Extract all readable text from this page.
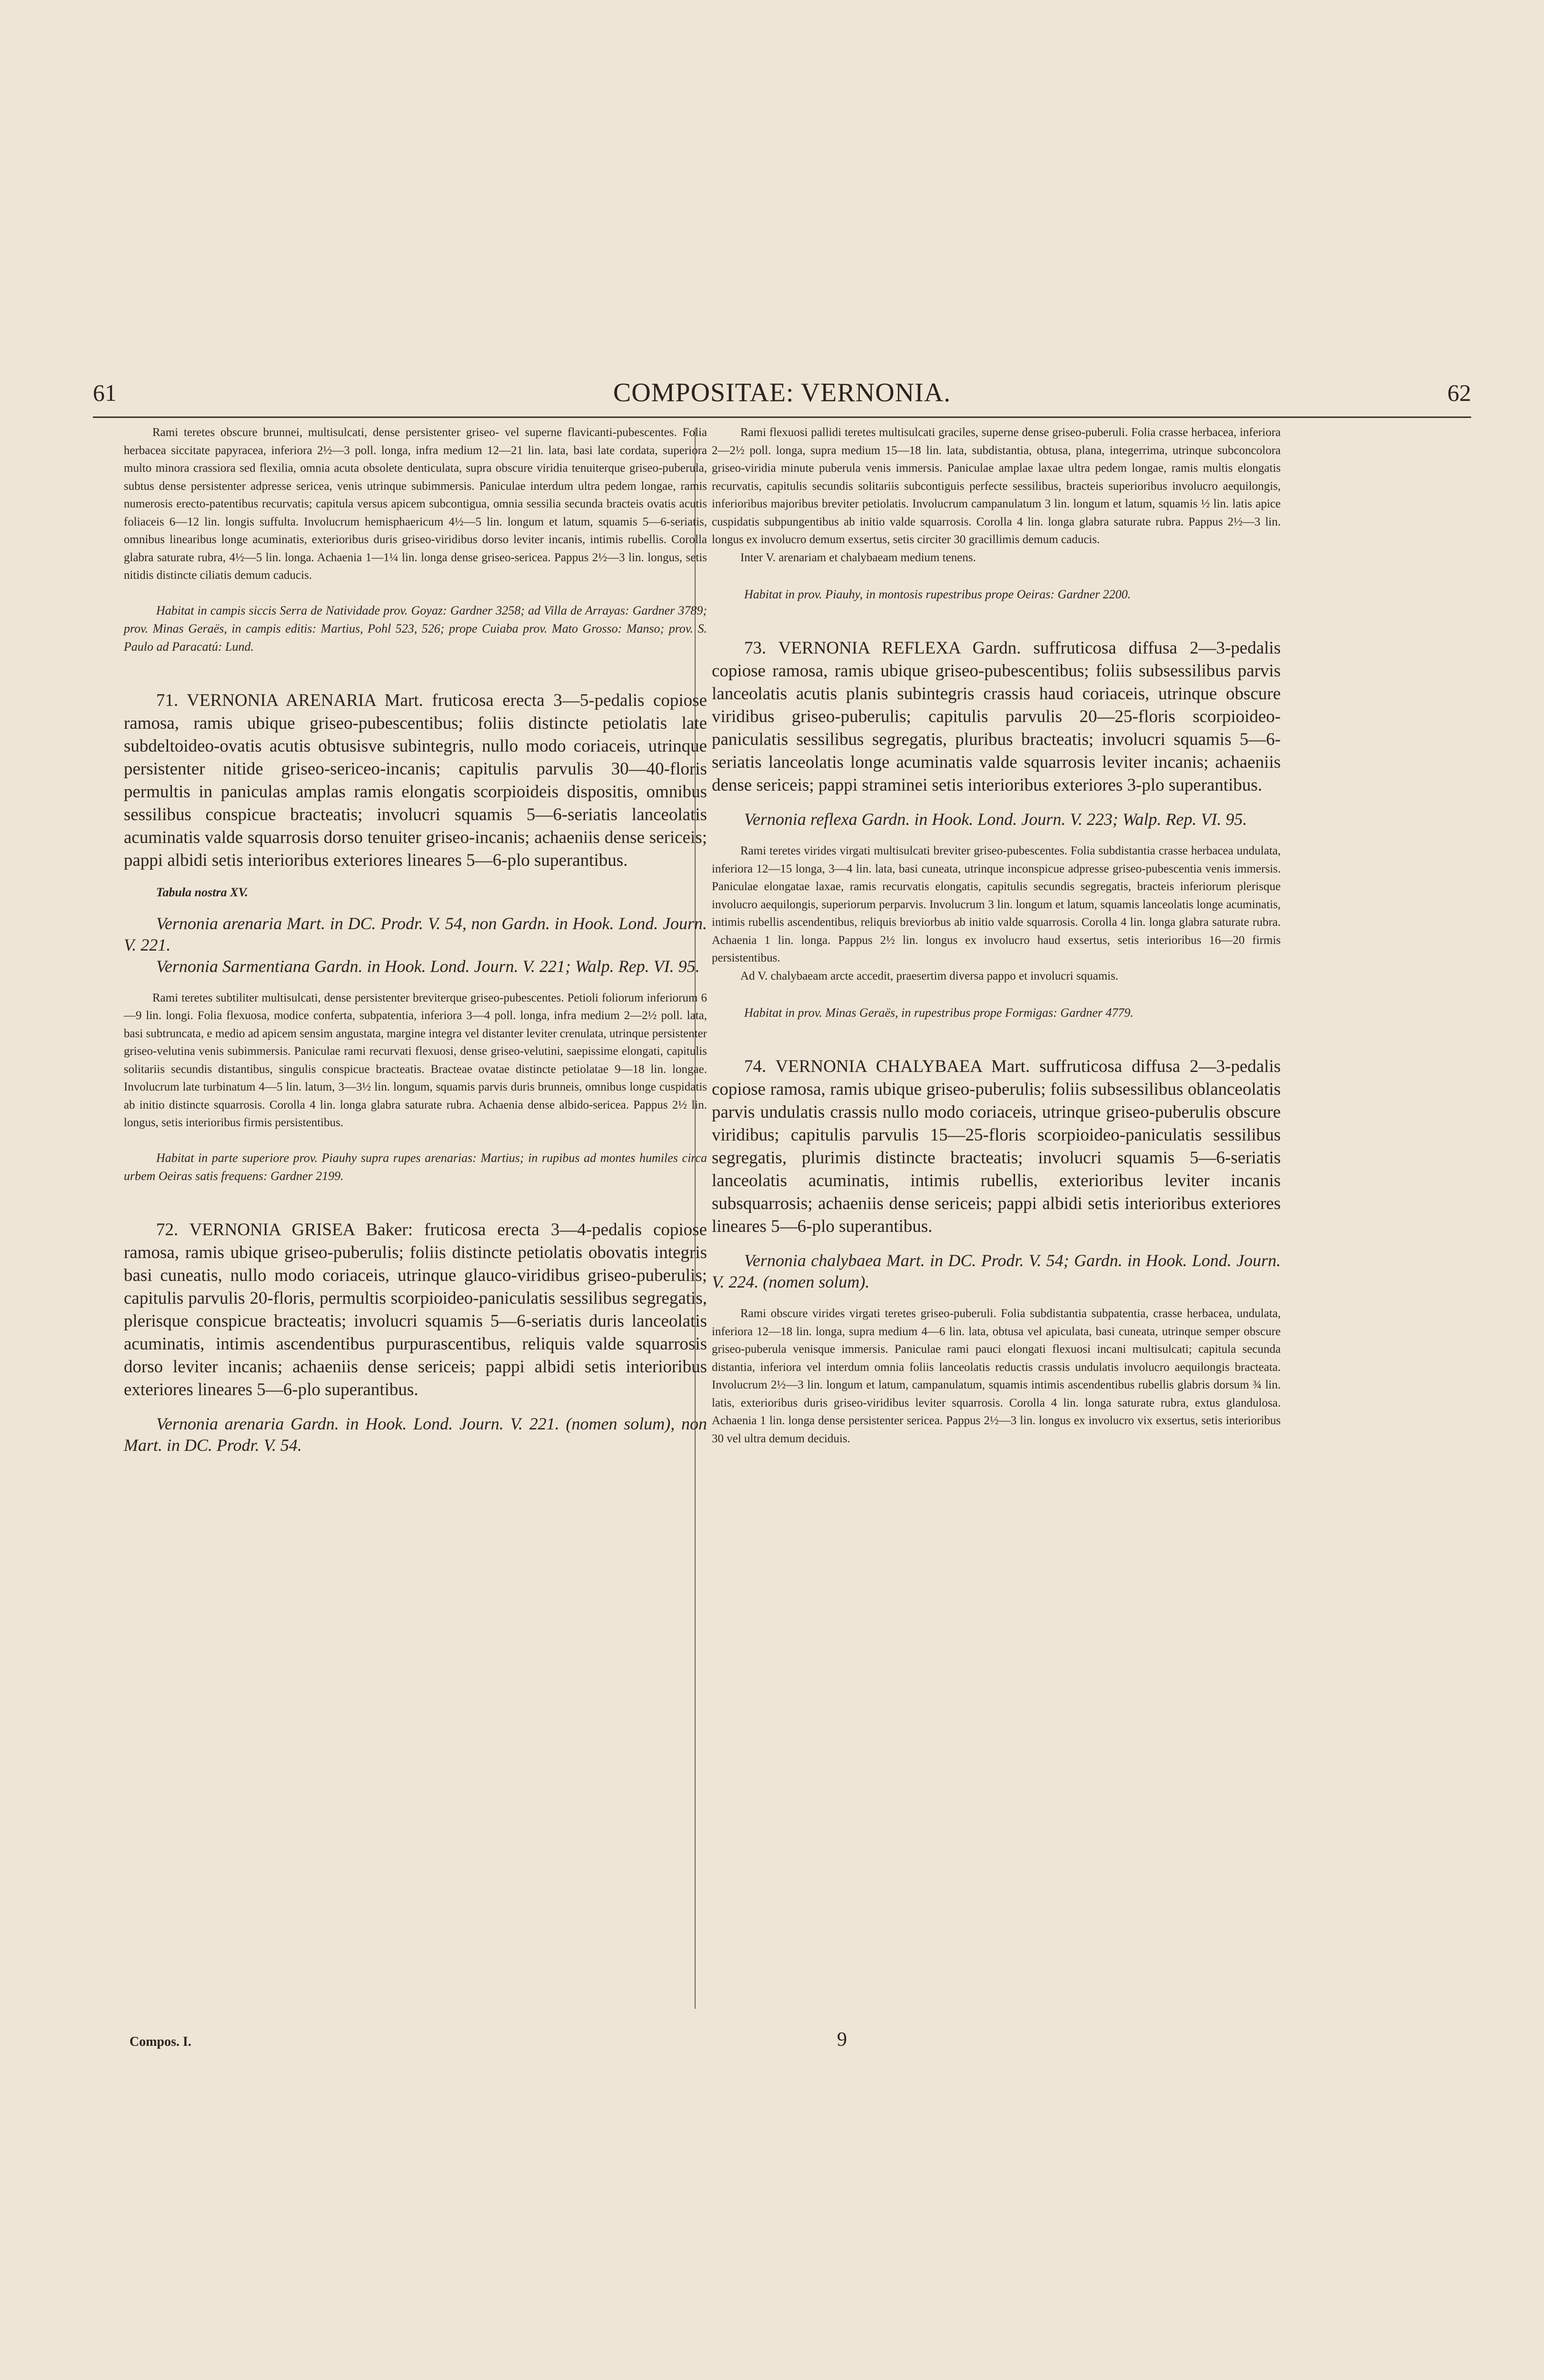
61	COMPOSITAE: VERNONIA.	62

Rami teretes obscure brunnei, multisulcati, dense persistenter griseo- vel superne flavicanti-pubescentes. Folia herbacea siccitate papyracea, inferiora 2½—3 poll. longa, infra medium 12—21 lin. lata, basi late cordata, superiora multo minora crassiora sed flexilia, omnia acuta obsolete denticulata, supra obscure viridia tenuiterque griseo-puberula, subtus dense persistenter adpresse sericea, venis utrinque subimmersis. Paniculae interdum ultra pedem longae, ramis numerosis erecto-patentibus recurvatis; capitula versus apicem subcontigua, omnia sessilia secunda bracteis ovatis acutis foliaceis 6—12 lin. longis suffulta. Involucrum hemisphaericum 4½—5 lin. longum et latum, squamis 5—6-seriatis, omnibus linearibus longe acuminatis, exterioribus duris griseo-viridibus dorso leviter incanis, intimis rubellis. Corolla glabra saturate rubra, 4½—5 lin. longa. Achaenia 1—1¼ lin. longa dense griseo-sericea. Pappus 2½—3 lin. longus, setis nitidis distincte ciliatis demum caducis.

Habitat in campis siccis Serra de Natividade prov. Goyaz: Gardner 3258; ad Villa de Arrayas: Gardner 3789; prov. Minas Geraës, in campis editis: Martius, Pohl 523, 526; prope Cuiaba prov. Mato Grosso: Manso; prov. S. Paulo ad Paracatú: Lund.

71. VERNONIA ARENARIA Mart. fruticosa erecta 3—5-pedalis copiose ramosa, ramis ubique griseo-pubescentibus; foliis distincte petiolatis late subdeltoideo-ovatis acutis obtusisve subintegris, nullo modo coriaceis, utrinque persistenter nitide griseo-sericeo-incanis; capitulis parvulis 30—40-floris permultis in paniculas amplas ramis elongatis scorpioideis dispositis, omnibus sessilibus conspicue bracteatis; involucri squamis 5—6-seriatis lanceolatis acuminatis valde squarrosis dorso tenuiter griseo-incanis; achaeniis dense sericeis; pappi albidi setis interioribus exteriores lineares 5—6-plo superantibus.

Tabula nostra XV.

Vernonia arenaria Mart. in DC. Prodr. V. 54, non Gardn. in Hook. Lond. Journ. V. 221.

Vernonia Sarmentiana Gardn. in Hook. Lond. Journ. V. 221; Walp. Rep. VI. 95.

Rami teretes subtiliter multisulcati, dense persistenter breviterque griseo-pubescentes. Petioli foliorum inferiorum 6—9 lin. longi. Folia flexuosa, modice conferta, subpatentia, inferiora 3—4 poll. longa, infra medium 2—2½ poll. lata, basi subtruncata, e medio ad apicem sensim angustata, margine integra vel distanter leviter crenulata, utrinque persistenter griseo-velutina venis subimmersis. Paniculae rami recurvati flexuosi, dense griseo-velutini, saepissime elongati, capitulis solitariis secundis distantibus, singulis conspicue bracteatis. Bracteae ovatae distincte petiolatae 9—18 lin. longae. Involucrum late turbinatum 4—5 lin. latum, 3—3½ lin. longum, squamis parvis duris brunneis, omnibus longe cuspidatis ab initio distincte squarrosis. Corolla 4 lin. longa glabra saturate rubra. Achaenia dense albido-sericea. Pappus 2½ lin. longus, setis interioribus firmis persistentibus.

Habitat in parte superiore prov. Piauhy supra rupes arenarias: Martius; in rupibus ad montes humiles circa urbem Oeiras satis frequens: Gardner 2199.

72. VERNONIA GRISEA Baker: fruticosa erecta 3—4-pedalis copiose ramosa, ramis ubique griseo-puberulis; foliis distincte petiolatis obovatis integris basi cuneatis, nullo modo coriaceis, utrinque glauco-viridibus griseo-puberulis; capitulis parvulis 20-floris, permultis scorpioideo-paniculatis sessilibus segregatis, plerisque conspicue bracteatis; involucri squamis 5—6-seriatis duris lanceolatis acuminatis, intimis ascendentibus purpurascentibus, reliquis valde squarrosis dorso leviter incanis; achaeniis dense sericeis; pappi albidi setis interioribus exteriores lineares 5—6-plo superantibus.

Vernonia arenaria Gardn. in Hook. Lond. Journ. V. 221. (nomen solum), non Mart. in DC. Prodr. V. 54.

Rami flexuosi pallidi teretes multisulcati graciles, superne dense griseo-puberuli. Folia crasse herbacea, inferiora 2—2½ poll. longa, supra medium 15—18 lin. lata, subdistantia, obtusa, plana, integerrima, utrinque subconcolora griseo-viridia minute puberula venis immersis. Paniculae amplae laxae ultra pedem longae, ramis multis elongatis recurvatis, capitulis secundis solitariis subcontiguis perfecte sessilibus, bracteis superioribus involucro aequilongis, inferioribus majoribus breviter petiolatis. Involucrum campanulatum 3 lin. longum et latum, squamis ½ lin. latis apice cuspidatis subpungentibus ab initio valde squarrosis. Corolla 4 lin. longa glabra saturate rubra. Pappus 2½—3 lin. longus ex involucro demum exsertus, setis circiter 30 gracillimis demum caducis.

Inter V. arenariam et chalybaeam medium tenens.

Habitat in prov. Piauhy, in montosis rupestribus prope Oeiras: Gardner 2200.

73. VERNONIA REFLEXA Gardn. suffruticosa diffusa 2—3-pedalis copiose ramosa, ramis ubique griseo-pubescentibus; foliis subsessilibus parvis lanceolatis acutis planis subintegris crassis haud coriaceis, utrinque obscure viridibus griseo-puberulis; capitulis parvulis 20—25-floris scorpioideo-paniculatis sessilibus segregatis, pluribus bracteatis; involucri squamis 5—6-seriatis lanceolatis longe acuminatis valde squarrosis leviter incanis; achaeniis dense sericeis; pappi straminei setis interioribus exteriores 3-plo superantibus.

Vernonia reflexa Gardn. in Hook. Lond. Journ. V. 223; Walp. Rep. VI. 95.

Rami teretes virides virgati multisulcati breviter griseo-pubescentes. Folia subdistantia crasse herbacea undulata, inferiora 12—15 longa, 3—4 lin. lata, basi cuneata, utrinque inconspicue adpresse griseo-pubescentia venis immersis. Paniculae elongatae laxae, ramis recurvatis elongatis, capitulis secundis segregatis, bracteis inferiorum plerisque involucro aequilongis, superiorum perparvis. Involucrum 3 lin. longum et latum, squamis lanceolatis longe acuminatis, intimis rubellis ascendentibus, reliquis breviorbus ab initio valde squarrosis. Corolla 4 lin. longa glabra saturate rubra. Achaenia 1 lin. longa. Pappus 2½ lin. longus ex involucro haud exsertus, setis interioribus 16—20 firmis persistentibus.

Ad V. chalybaeam arcte accedit, praesertim diversa pappo et involucri squamis.

Habitat in prov. Minas Geraës, in rupestribus prope Formigas: Gardner 4779.

74. VERNONIA CHALYBAEA Mart. suffruticosa diffusa 2—3-pedalis copiose ramosa, ramis ubique griseo-puberulis; foliis subsessilibus oblanceolatis parvis undulatis crassis nullo modo coriaceis, utrinque griseo-puberulis obscure viridibus; capitulis parvulis 15—25-floris scorpioideo-paniculatis sessilibus segregatis, plurimis distincte bracteatis; involucri squamis 5—6-seriatis lanceolatis acuminatis, intimis rubellis, exterioribus leviter incanis subsquarrosis; achaeniis dense sericeis; pappi albidi setis interioribus exteriores lineares 5—6-plo superantibus.

Vernonia chalybaea Mart. in DC. Prodr. V. 54; Gardn. in Hook. Lond. Journ. V. 224. (nomen solum).

Rami obscure virides virgati teretes griseo-puberuli. Folia subdistantia subpatentia, crasse herbacea, undulata, inferiora 12—18 lin. longa, supra medium 4—6 lin. lata, obtusa vel apiculata, basi cuneata, utrinque semper obscure griseo-puberula venisque immersis. Paniculae rami pauci elongati flexuosi incani multisulcati; capitula secunda distantia, inferiora vel interdum omnia foliis lanceolatis reductis crassis undulatis involucro aequilongis bracteata. Involucrum 2½—3 lin. longum et latum, campanulatum, squamis intimis ascendentibus rubellis glabris dorsum ¾ lin. latis, exterioribus duris griseo-viridibus leviter squarrosis. Corolla 4 lin. longa saturate rubra, extus glandulosa. Achaenia 1 lin. longa dense persistenter sericea. Pappus 2½—3 lin. longus ex involucro vix exsertus, setis interioribus 30 vel ultra demum deciduis.

Compos. I.	9
